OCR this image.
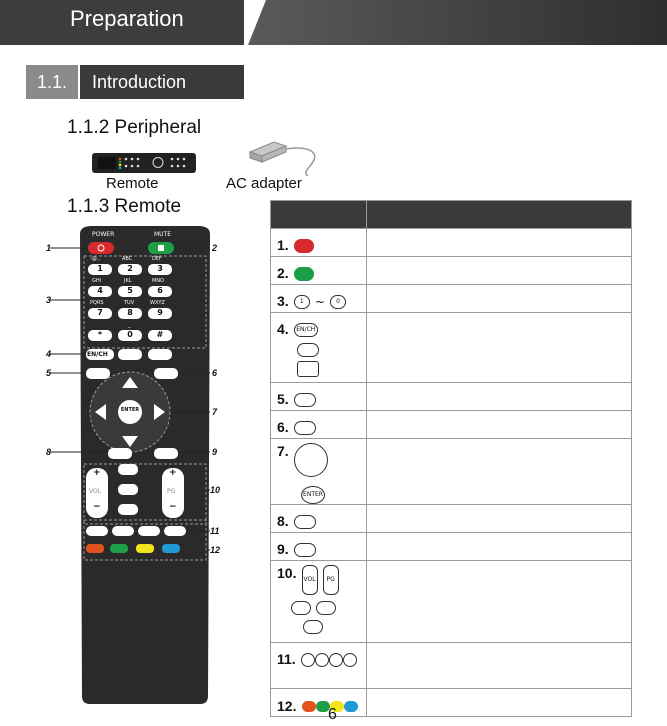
Preparation
1.1.	Introduction
1.1.2 Peripheral
Remote	AC adapter
1.1.3 Remote
POWER	MUTE
1	2	3
4	5	6
7	8	9
*	0	#
-@.,	ABC	DEF
GHI	JKL	MNO
PQRS	TUV	WXYZ
_
EN/CH
ENTER
+
VOL
−
+
PG
−
1	2
3
4
5	6
7
8	9
10
11
12

1.	

2.	

3. 1 ~ 0	

4. EN/CH	

5.	

6.	

7.
ENTER	

8.	

9.	

10. VOL PG	

11.	

12.	
		6
